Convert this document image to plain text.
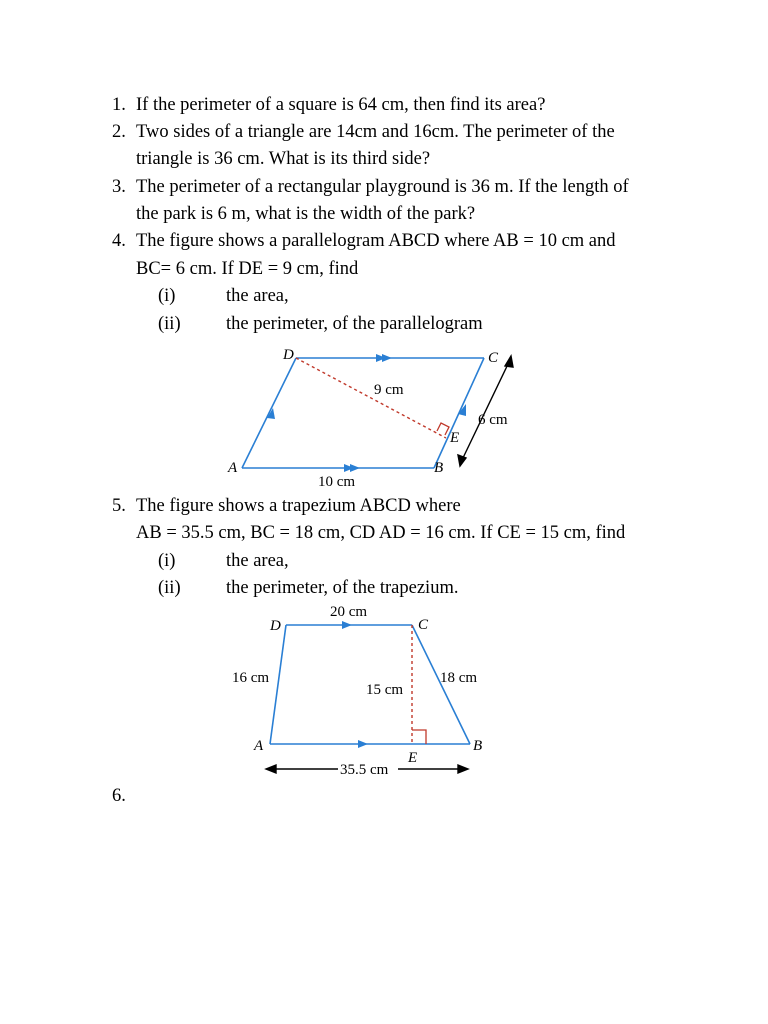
1. If the perimeter of a square is 64 cm, then find its area?
2. Two sides of a triangle are 14cm and 16cm. The perimeter of the
triangle is 36 cm. What is its third side?
3. The perimeter of a rectangular playground is 36 m. If the length of
the park is 6 m, what is the width of the park?
4. The figure shows a parallelogram ABCD where AB = 10 cm and
BC= 6 cm. If DE = 9 cm, find
(i)	the area,
(ii) the perimeter, of the parallelogram
A
D	C
B
E
9 cm
6 cm
10 cm
5. The figure shows a trapezium ABCD where
AB = 35.5 cm, BC = 18 cm, CD AD = 16 cm. If CE = 15 cm, find
(i)	the area,
(ii) the perimeter, of the trapezium.
D	C
A	B
E
20 cm
16 cm
15 cm
18 cm
35.5 cm
6.
